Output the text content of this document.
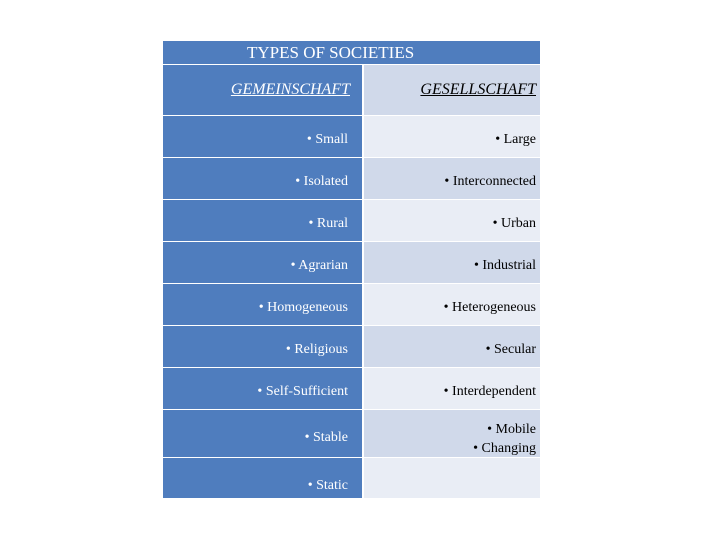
TYPES OF SOCIETIES
GEMEINSCHAFT
• Small
• Isolated
• Rural
• Agrarian
• Homogeneous
• Religious
• Self-Sufficient
• Stable
• Static
GESELLSCHAFT
• Large
• Interconnected
• Urban
• Industrial
• Heterogeneous
• Secular
• Interdependent
• Mobile
• Changing
